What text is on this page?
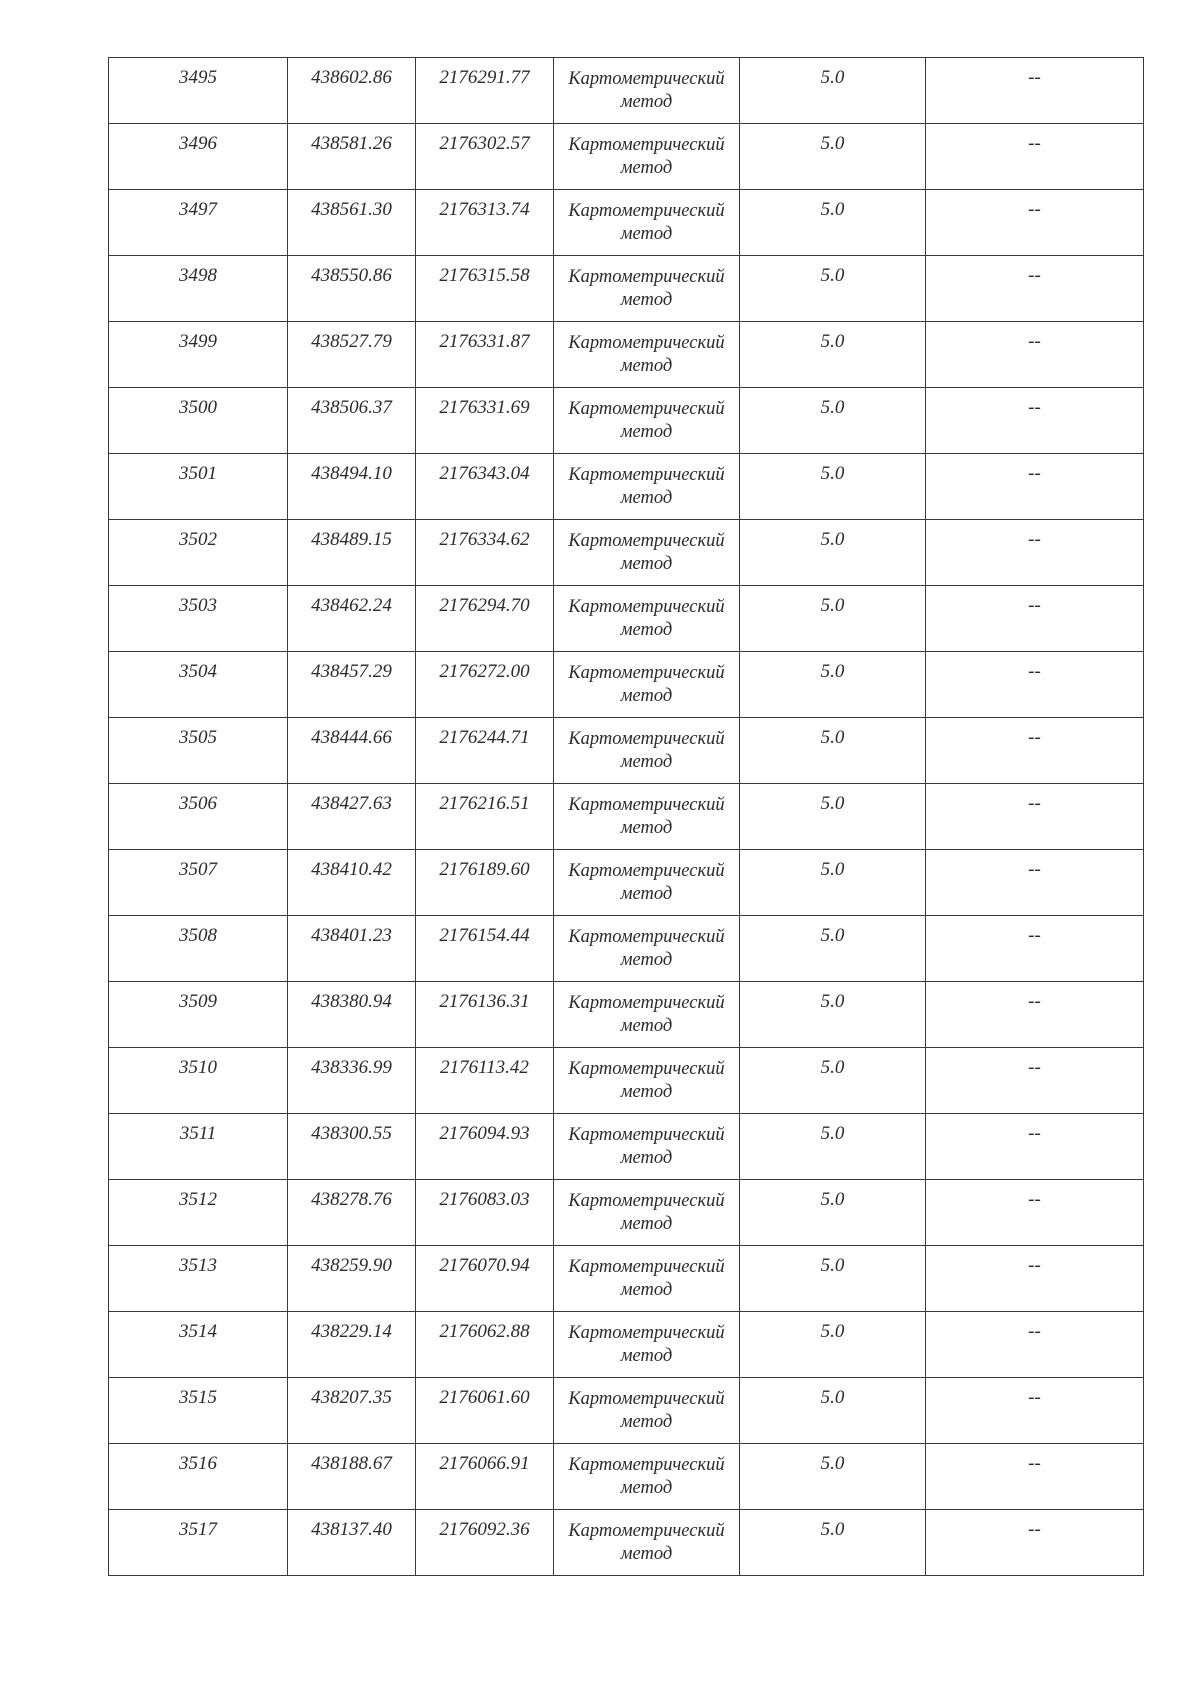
3495	438602.86	2176291.77	Картометрический метод	5.0	--
3496	438581.26	2176302.57	Картометрический метод	5.0	--
3497	438561.30	2176313.74	Картометрический метод	5.0	--
3498	438550.86	2176315.58	Картометрический метод	5.0	--
3499	438527.79	2176331.87	Картометрический метод	5.0	--
3500	438506.37	2176331.69	Картометрический метод	5.0	--
3501	438494.10	2176343.04	Картометрический метод	5.0	--
3502	438489.15	2176334.62	Картометрический метод	5.0	--
3503	438462.24	2176294.70	Картометрический метод	5.0	--
3504	438457.29	2176272.00	Картометрический метод	5.0	--
3505	438444.66	2176244.71	Картометрический метод	5.0	--
3506	438427.63	2176216.51	Картометрический метод	5.0	--
3507	438410.42	2176189.60	Картометрический метод	5.0	--
3508	438401.23	2176154.44	Картометрический метод	5.0	--
3509	438380.94	2176136.31	Картометрический метод	5.0	--
3510	438336.99	2176113.42	Картометрический метод	5.0	--
3511	438300.55	2176094.93	Картометрический метод	5.0	--
3512	438278.76	2176083.03	Картометрический метод	5.0	--
3513	438259.90	2176070.94	Картометрический метод	5.0	--
3514	438229.14	2176062.88	Картометрический метод	5.0	--
3515	438207.35	2176061.60	Картометрический метод	5.0	--
3516	438188.67	2176066.91	Картометрический метод	5.0	--
3517	438137.40	2176092.36	Картометрический метод	5.0	--
